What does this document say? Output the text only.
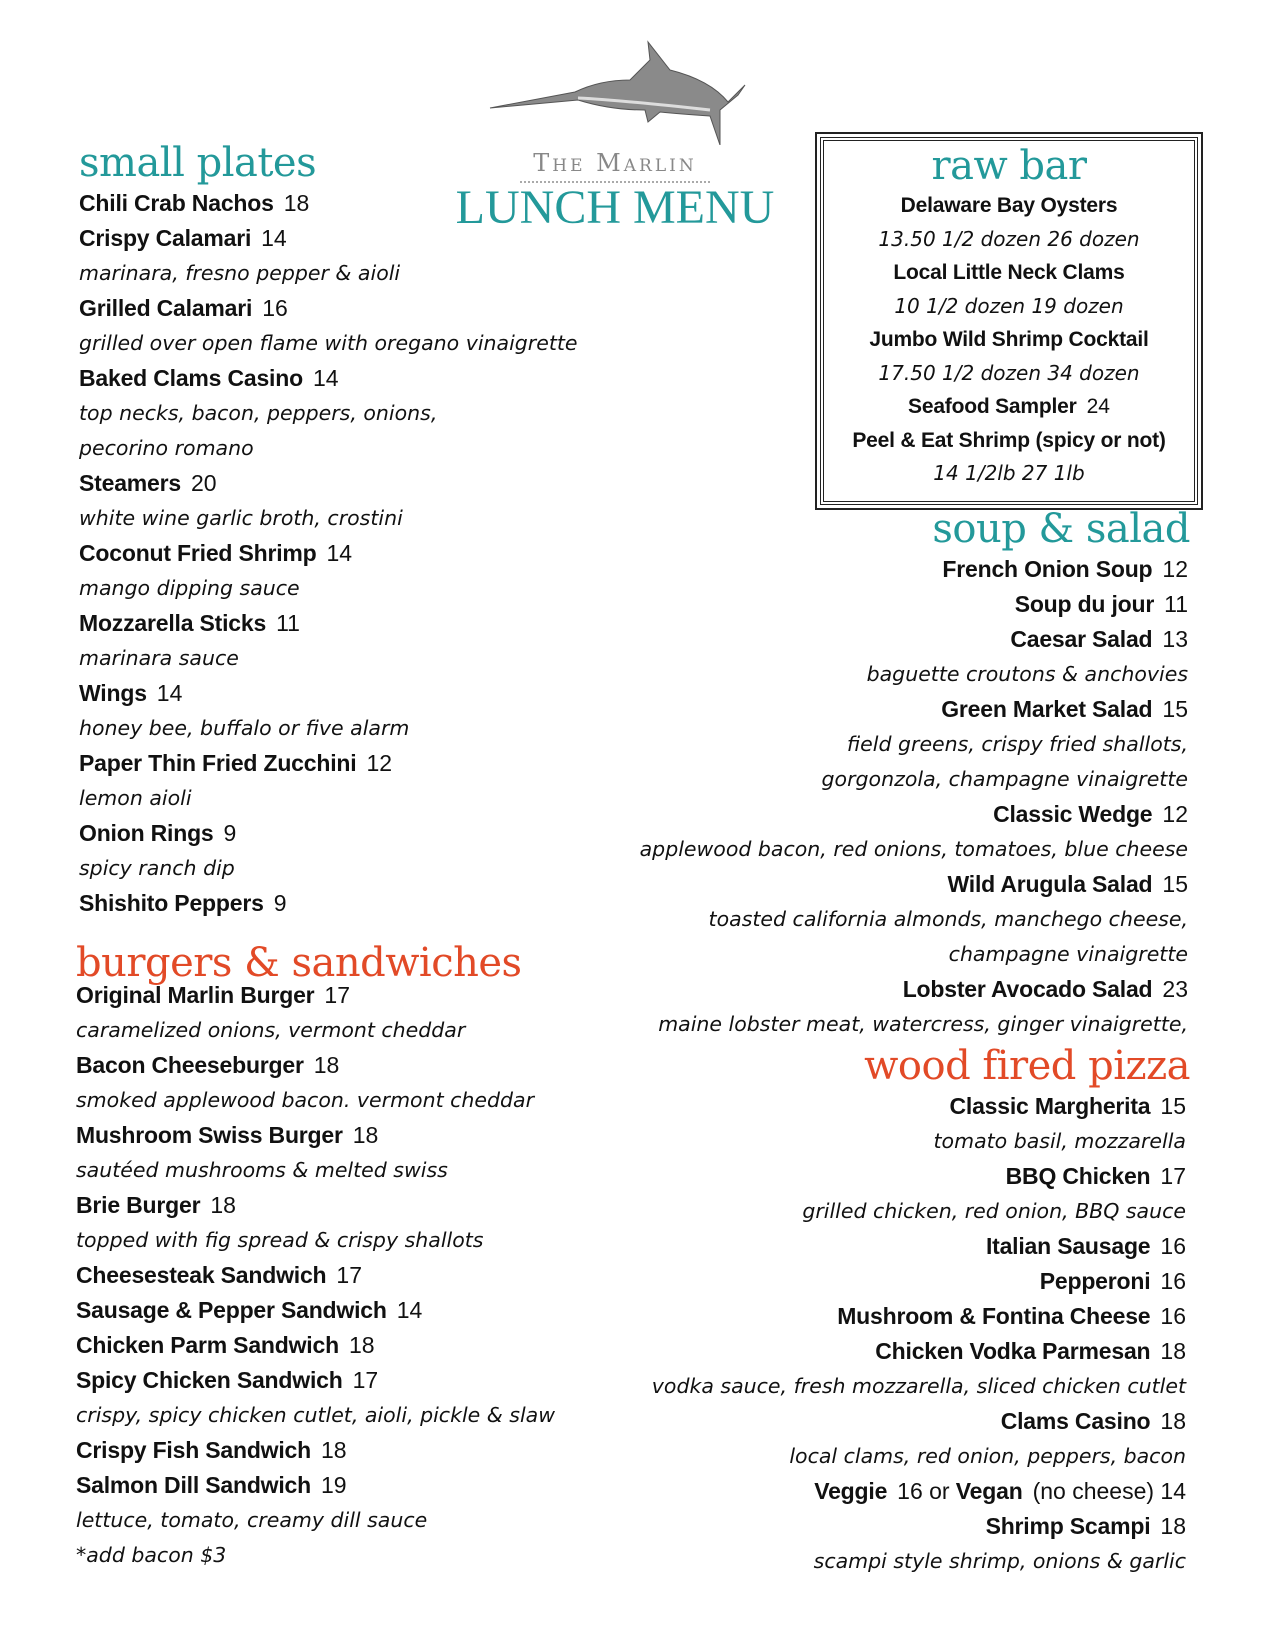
The Marlin
LUNCH MENU
small plates
Chili Crab Nachos 18
Crispy Calamari 14
marinara, fresno pepper & aioli
Grilled Calamari 16
grilled over open flame with oregano vinaigrette
Baked Clams Casino 14
top necks, bacon, peppers, onions,
pecorino romano
Steamers 20
white wine garlic broth, crostini
Coconut Fried Shrimp 14
mango dipping sauce
Mozzarella Sticks 11
marinara sauce
Wings 14
honey bee, buffalo or five alarm
Paper Thin Fried Zucchini 12
lemon aioli
Onion Rings 9
spicy ranch dip
Shishito Peppers 9
burgers & sandwiches
Original Marlin Burger 17
caramelized onions, vermont cheddar
Bacon Cheeseburger 18
smoked applewood bacon. vermont cheddar
Mushroom Swiss Burger 18
sautéed mushrooms & melted swiss
Brie Burger 18
topped with fig spread & crispy shallots
Cheesesteak Sandwich 17
Sausage & Pepper Sandwich 14
Chicken Parm Sandwich 18
Spicy Chicken Sandwich 17
crispy, spicy chicken cutlet, aioli, pickle & slaw
Crispy Fish Sandwich 18
Salmon Dill Sandwich 19
lettuce, tomato, creamy dill sauce
*add bacon $3
raw bar
Delaware Bay Oysters
13.50 1/2 dozen 26 dozen
Local Little Neck Clams
10 1/2 dozen 19 dozen
Jumbo Wild Shrimp Cocktail
17.50 1/2 dozen 34 dozen
Seafood Sampler 24
Peel & Eat Shrimp (spicy or not)
14 1/2lb 27 1lb
soup & salad
French Onion Soup 12
Soup du jour 11
Caesar Salad 13
baguette croutons & anchovies
Green Market Salad 15
field greens, crispy fried shallots,
gorgonzola, champagne vinaigrette
Classic Wedge 12
applewood bacon, red onions, tomatoes, blue cheese
Wild Arugula Salad 15
toasted california almonds, manchego cheese,
champagne vinaigrette
Lobster Avocado Salad 23
maine lobster meat, watercress, ginger vinaigrette,
wood fired pizza
Classic Margherita 15
tomato basil, mozzarella
BBQ Chicken 17
grilled chicken, red onion, BBQ sauce
Italian Sausage 16
Pepperoni 16
Mushroom & Fontina Cheese 16
Chicken Vodka Parmesan 18
vodka sauce, fresh mozzarella, sliced chicken cutlet
Clams Casino 18
local clams, red onion, peppers, bacon
Veggie 16 or Vegan (no cheese) 14
Shrimp Scampi 18
scampi style shrimp, onions & garlic
